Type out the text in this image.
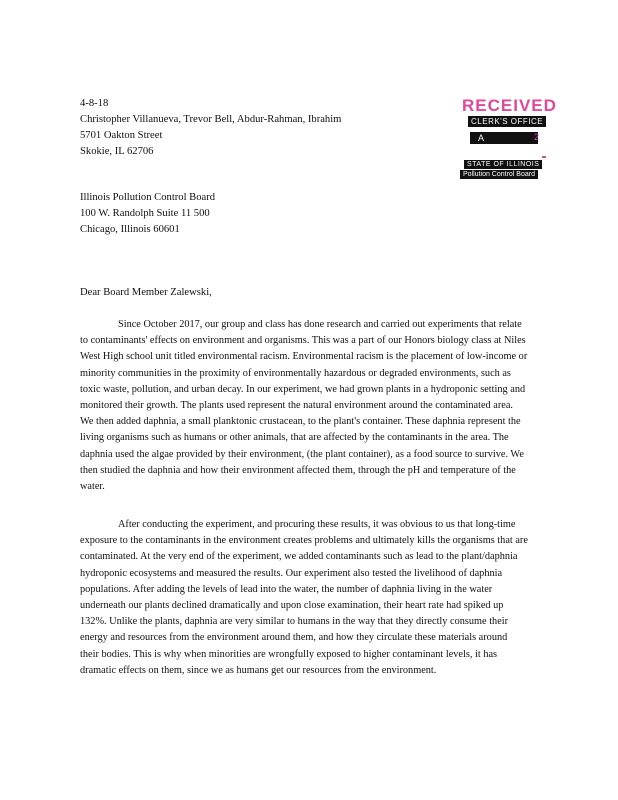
4-8-18
Christopher Villanueva, Trevor Bell, Abdur-Rahman, Ibrahim
5701 Oakton Street
Skokie, IL 62706
RECEIVED
CLERK'S OFFICE
A	2
STATE OF ILLINOIS
Pollution Control Board
Illinois Pollution Control Board
100 W. Randolph Suite 11 500
Chicago, Illinois 60601
Dear Board Member Zalewski,
Since October 2017, our group and class has done research and carried out experiments that relate to contaminants' effects on environment and organisms. This was a part of our Honors biology class at Niles West High school unit titled environmental racism. Environmental racism is the placement of low-income or minority communities in the proximity of environmentally hazardous or degraded environments, such as toxic waste, pollution, and urban decay. In our experiment, we had grown plants in a hydroponic setting and monitored their growth. The plants used represent the natural environment around the contaminated area. We then added daphnia, a small planktonic crustacean, to the plant's container. These daphnia represent the living organisms such as humans or other animals, that are affected by the contaminants in the area. The daphnia used the algae provided by their environment, (the plant container), as a food source to survive. We then studied the daphnia and how their environment affected them, through the pH and temperature of the water.
After conducting the experiment, and procuring these results, it was obvious to us that long-time exposure to the contaminants in the environment creates problems and ultimately kills the organisms that are contaminated. At the very end of the experiment, we added contaminants such as lead to the plant/daphnia hydroponic ecosystems and measured the results. Our experiment also tested the livelihood of daphnia populations. After adding the levels of lead into the water, the number of daphnia living in the water underneath our plants declined dramatically and upon close examination, their heart rate had spiked up 132%. Unlike the plants, daphnia are very similar to humans in the way that they directly consume their energy and resources from the environment around them, and how they circulate these materials around their bodies. This is why when minorities are wrongfully exposed to higher contaminant levels, it has dramatic effects on them, since we as humans get our resources from the environment.
